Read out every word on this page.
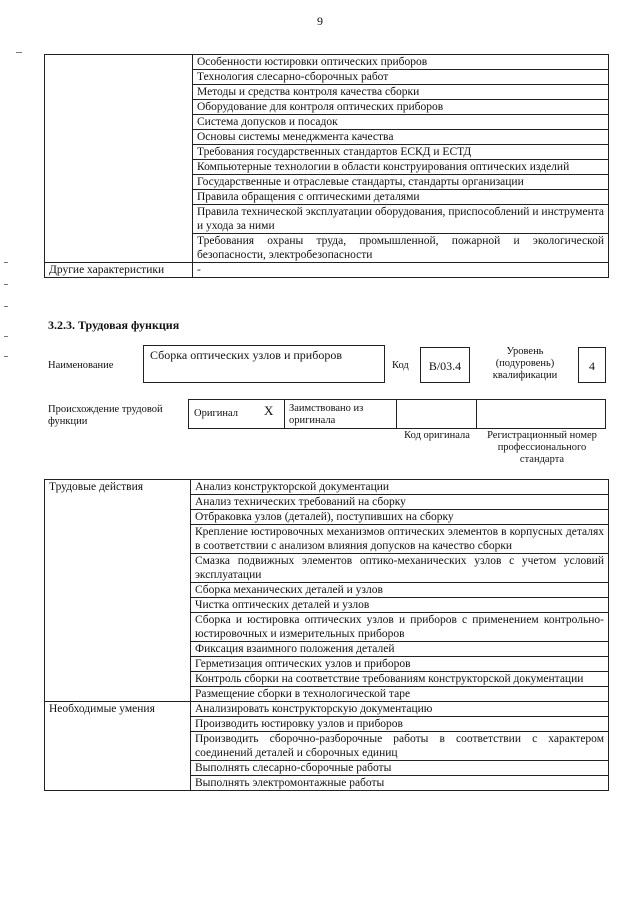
9
	Особенности юстировки оптических приборов
	Технология слесарно-сборочных работ
	Методы и средства контроля качества сборки
	Оборудование для контроля оптических приборов
	Система допусков и посадок
	Основы системы менеджмента качества
	Требования государственных стандартов ЕСКД и ЕСТД
	Компьютерные технологии в области конструирования оптических изделий
	Государственные и отраслевые стандарты, стандарты организации
	Правила обращения с оптическими деталями
	Правила технической эксплуатации оборудования, приспособлений и инструмента и ухода за ними
	Требования охраны труда, промышленной, пожарной и экологической безопасности, электробезопасности
Другие характеристики	-
3.2.3. Трудовая функция
Наименование
Сборка оптических узлов и приборов
Код	B/03.4
Уровень (подуровень) квалификации
4
Происхождение трудовой функции
Оригинал X Заимствовано из оригинала
Код оригинала	Регистрационный номер профессионального стандарта
Трудовые действия	Анализ конструкторской документации
	Анализ технических требований на сборку
	Отбраковка узлов (деталей), поступивших на сборку
	Крепление юстировочных механизмов оптических элементов в корпусных деталях в соответствии с анализом влияния допусков на качество сборки
	Смазка подвижных элементов оптико-механических узлов с учетом условий эксплуатации
	Сборка механических деталей и узлов
	Чистка оптических деталей и узлов
	Сборка и юстировка оптических узлов и приборов с применением контрольно-юстировочных и измерительных приборов
	Фиксация взаимного положения деталей
	Герметизация оптических узлов и приборов
	Контроль сборки на соответствие требованиям конструкторской документации
	Размещение сборки в технологической таре
Необходимые умения	Анализировать конструкторскую документацию
	Производить юстировку узлов и приборов
	Производить сборочно-разборочные работы в соответствии с характером соединений деталей и сборочных единиц
	Выполнять слесарно-сборочные работы
	Выполнять электромонтажные работы
